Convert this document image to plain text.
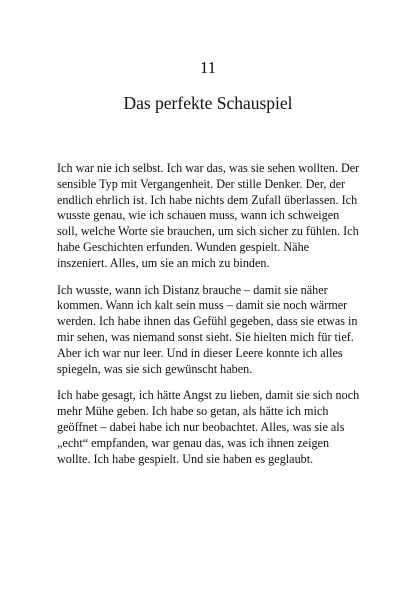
11
Das perfekte Schauspiel

Ich war nie ich selbst. Ich war das, was sie sehen wollten. Der sensible Typ mit Vergangenheit. Der stille Denker. Der, der endlich ehrlich ist. Ich habe nichts dem Zufall überlassen. Ich wusste genau, wie ich schauen muss, wann ich schweigen soll, welche Worte sie brauchen, um sich sicher zu fühlen. Ich habe Geschichten erfunden. Wunden gespielt. Nähe inszeniert. Alles, um sie an mich zu binden.

Ich wusste, wann ich Distanz brauche – damit sie näher kommen. Wann ich kalt sein muss – damit sie noch wärmer werden. Ich habe ihnen das Gefühl gegeben, dass sie etwas in mir sehen, was niemand sonst sieht. Sie hielten mich für tief. Aber ich war nur leer. Und in dieser Leere konnte ich alles spiegeln, was sie sich gewünscht haben.

Ich habe gesagt, ich hätte Angst zu lieben, damit sie sich noch mehr Mühe geben. Ich habe so getan, als hätte ich mich geöffnet – dabei habe ich nur beobachtet. Alles, was sie als „echt“ empfanden, war genau das, was ich ihnen zeigen wollte. Ich habe gespielt. Und sie haben es geglaubt.
